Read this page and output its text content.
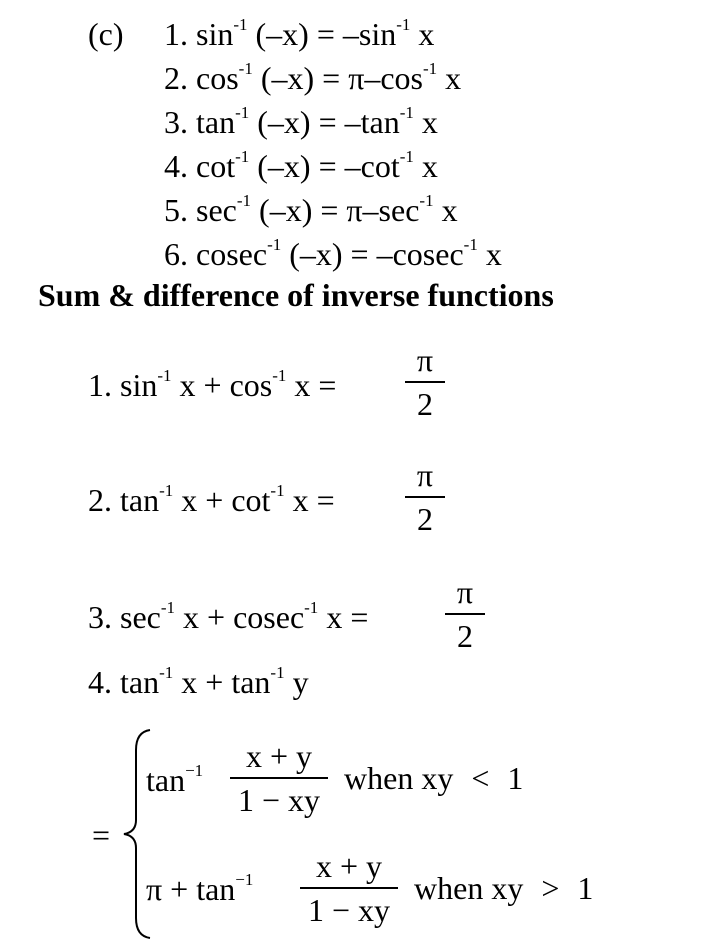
(c) 1. $\sin^{-1} (-x) = -\sin^{-1}$ x
2. $\cos^{-1} (-x) = \pi-\cos^{-1}$ x
3. $\tan^{-1} (-x) = -\tan^{-1}$ x
4. $\cot^{-1} (-x) = -\cot^{-1}$ x
5. $\sec^{-1} (-x) = \pi-\sec^{-1}$ x
6. cosec$^{-1}$ (–x) = –cosec$^{-1}$ x
Sum & difference of inverse functions
1. $\sin^{-1} x + \cos^{-1} x$ =
π
2
2. $\tan^{-1} x + \cot^{-1} x$ =
π
2
3. $\sec^{-1} x + cosec^{-1}$ x =
π
2
4. $\tan^{-1} x + \tan^{-1} y$
=
$\tan^{-1}$	x + y
1 − xy
when xy < 1
$\pi + \tan^{-1}$	x + y
1 − xy
when xy > 1
